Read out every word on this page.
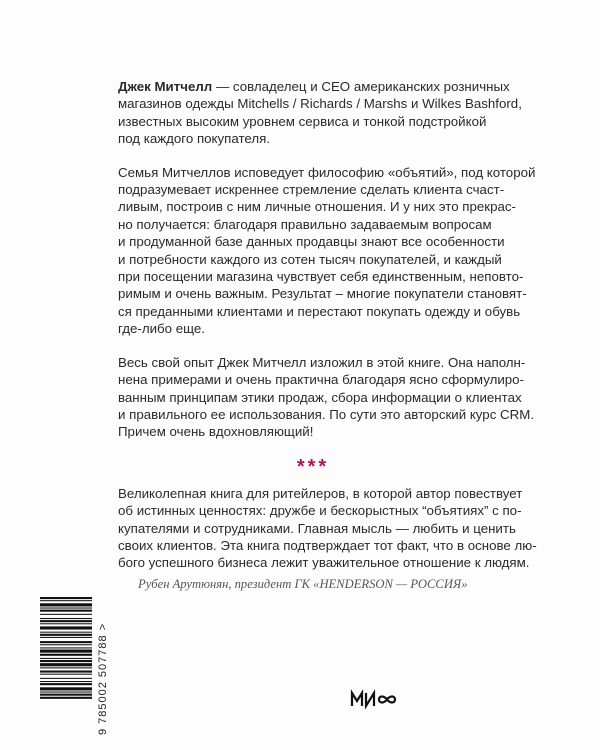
Джек Митчелл — совладелец и CEO американских розничных
магазинов одежды Mitchells / Richards / Marshs и Wilkes Bashford,
известных высоким уровнем сервиса и тонкой подстройкой
под каждого покупателя.

Семья Митчеллов исповедует философию «объятий», под которой
подразумевает искреннее стремление сделать клиента счаст-
ливым, построив с ним личные отношения. И у них это прекрас-
но получается: благодаря правильно задаваемым вопросам
и продуманной базе данных продавцы знают все особенности
и потребности каждого из сотен тысяч покупателей, и каждый
при посещении магазина чувствует себя единственным, неповто-
римым и очень важным. Результат – многие покупатели становят-
ся преданными клиентами и перестают покупать одежду и обувь
где-либо еще.

Весь свой опыт Джек Митчелл изложил в этой книге. Она наполн-
нена примерами и очень практична благодаря ясно сформулиро-
ванным принципам этики продаж, сбора информации о клиентах
и правильного ее использования. По сути это авторский курс CRM.
Причем очень вдохновляющий!

***
Великолепная книга для ритейлеров, в которой автор повествует
об истинных ценностях: дружбе и бескорыстных “объятиях” с по-
купателями и сотрудниками. Главная мысль — любить и ценить
своих клиентов. Эта книга подтверждает тот факт, что в основе лю-
бого успешного бизнеса лежит уважительное отношение к людям.
Рубен Арутюнян, президент ГК «HENDERSON — РОССИЯ»
9 785002 507788 >
